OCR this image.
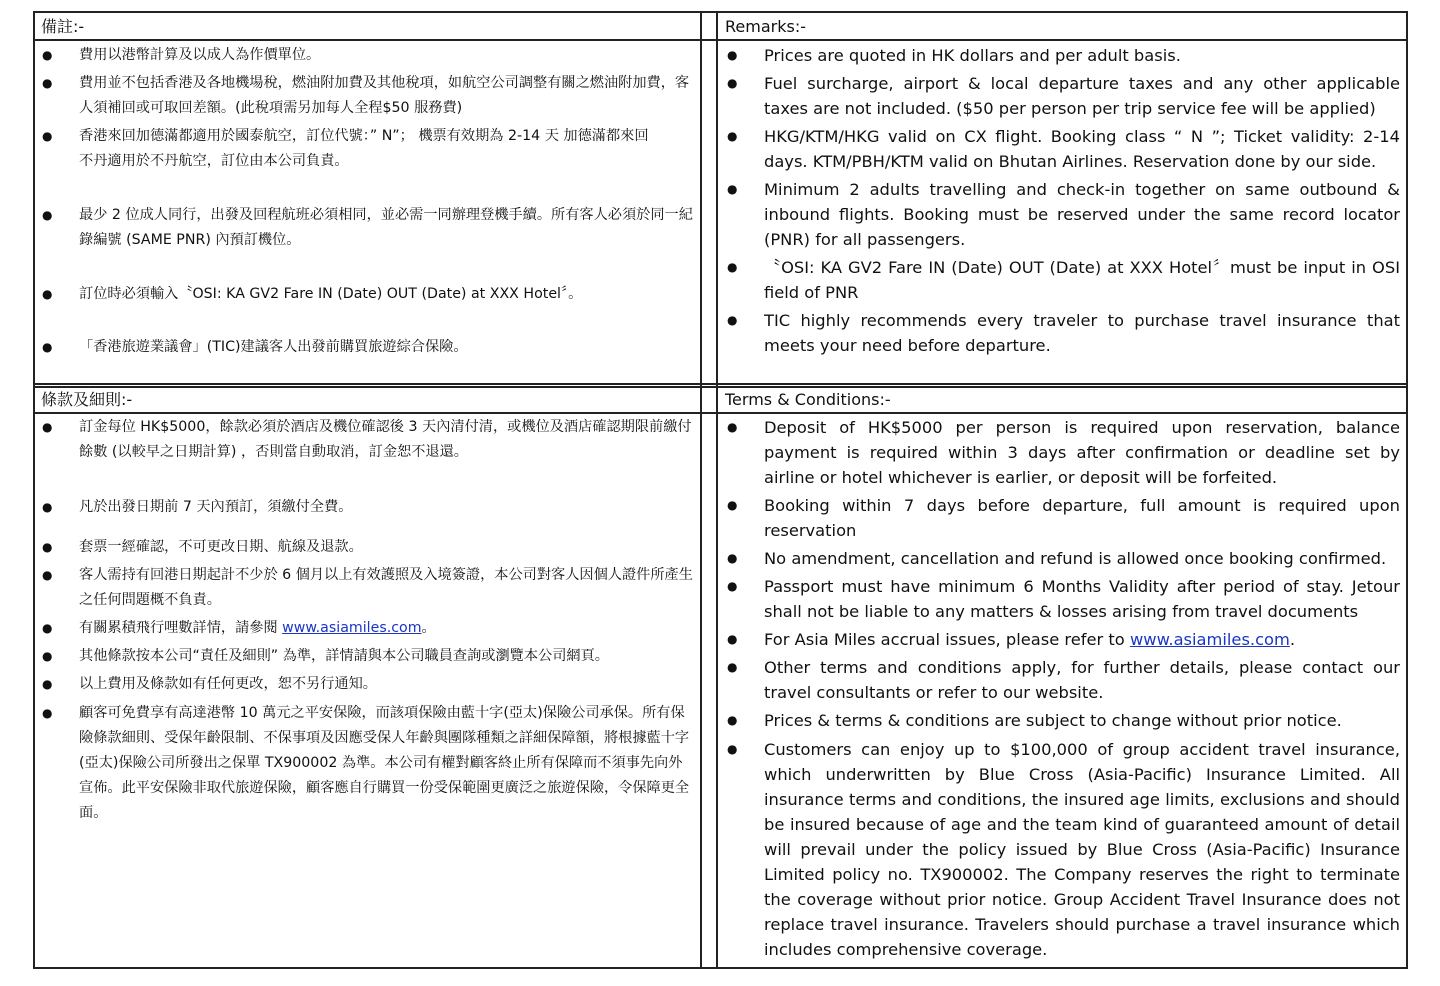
備註:-	Remarks:-
條款及細則:-	Terms & Conditions:-
● 費用以港幣計算及以成人為作價單位。
● 費用並不包括香港及各地機場稅，燃油附加費及其他稅項，如航空公司調整有關之燃油附加費，客人須補回或可取回差額。(此稅項需另加每人全程$50 服務費)
● 香港來回加德滿都適用於國泰航空，訂位代號：” N”； 機票有效期為 2-14 天 加德滿都來回不丹適用於不丹航空，訂位由本公司負責。
● 最少 2 位成人同行，出發及回程航班必須相同，並必需一同辦理登機手續。所有客人必須於同一紀錄編號 (SAME PNR) 內預訂機位。
● 訂位時必須輸入〝OSI: KA GV2 Fare IN (Date) OUT (Date) at XXX Hotel〞。
● 「香港旅遊業議會」(TIC)建議客人出發前購買旅遊綜合保險。
● Prices are quoted in HK dollars and per adult basis.
● Fuel surcharge, airport & local departure taxes and any other applicable taxes are not included. ($50 per person per trip service fee will be applied)
● HKG/KTM/HKG valid on CX flight. Booking class “ N ”; Ticket validity: 2-14 days. KTM/PBH/KTM valid on Bhutan Airlines. Reservation done by our side.
● Minimum 2 adults travelling and check-in together on same outbound & inbound flights. Booking must be reserved under the same record locator (PNR) for all passengers.
● 〝OSI: KA GV2 Fare IN (Date) OUT (Date) at XXX Hotel〞must be input in OSI field of PNR
● TIC highly recommends every traveler to purchase travel insurance that meets your need before departure.
● 訂金每位 HK$5000，餘款必須於酒店及機位確認後 3 天內清付清，或機位及酒店確認期限前繳付餘數 (以較早之日期計算) ，否則當自動取消，訂金恕不退還。
● 凡於出發日期前 7 天內預訂，須繳付全費。
● 套票一經確認，不可更改日期、航線及退款。
● 客人需持有回港日期起計不少於 6 個月以上有效護照及入境簽證，本公司對客人因個人證件所產生之任何問題概不負責。
● 有關累積飛行哩數詳情，請參閱 www.asiamiles.com。
● 其他條款按本公司“責任及細則” 為準，詳情請與本公司職員查詢或瀏覽本公司網頁。
● 以上費用及條款如有任何更改，恕不另行通知。
● 顧客可免費享有高達港幣 10 萬元之平安保險，而該項保險由藍十字(亞太)保險公司承保。所有保險條款細則、受保年齡限制、不保事項及因應受保人年齡與團隊種類之詳細保障額，將根據藍十字(亞太)保險公司所發出之保單 TX900002 為準。本公司有權對顧客終止所有保障而不須事先向外宣佈。此平安保險非取代旅遊保險，顧客應自行購買一份受保範圍更廣泛之旅遊保險，令保障更全面。
● Deposit of HK$5000 per person is required upon reservation, balance payment is required within 3 days after confirmation or deadline set by airline or hotel whichever is earlier, or deposit will be forfeited.
● Booking within 7 days before departure, full amount is required upon reservation
● No amendment, cancellation and refund is allowed once booking confirmed.
● Passport must have minimum 6 Months Validity after period of stay. Jetour shall not be liable to any matters & losses arising from travel documents
● For Asia Miles accrual issues, please refer to www.asiamiles.com.
● Other terms and conditions apply, for further details, please contact our travel consultants or refer to our website.
● Prices & terms & conditions are subject to change without prior notice.
● Customers can enjoy up to $100,000 of group accident travel insurance, which underwritten by Blue Cross (Asia-Pacific) Insurance Limited. All insurance terms and conditions, the insured age limits, exclusions and should be insured because of age and the team kind of guaranteed amount of detail will prevail under the policy issued by Blue Cross (Asia-Pacific) Insurance Limited policy no. TX900002. The Company reserves the right to terminate the coverage without prior notice. Group Accident Travel Insurance does not replace travel insurance. Travelers should purchase a travel insurance which includes comprehensive coverage.
